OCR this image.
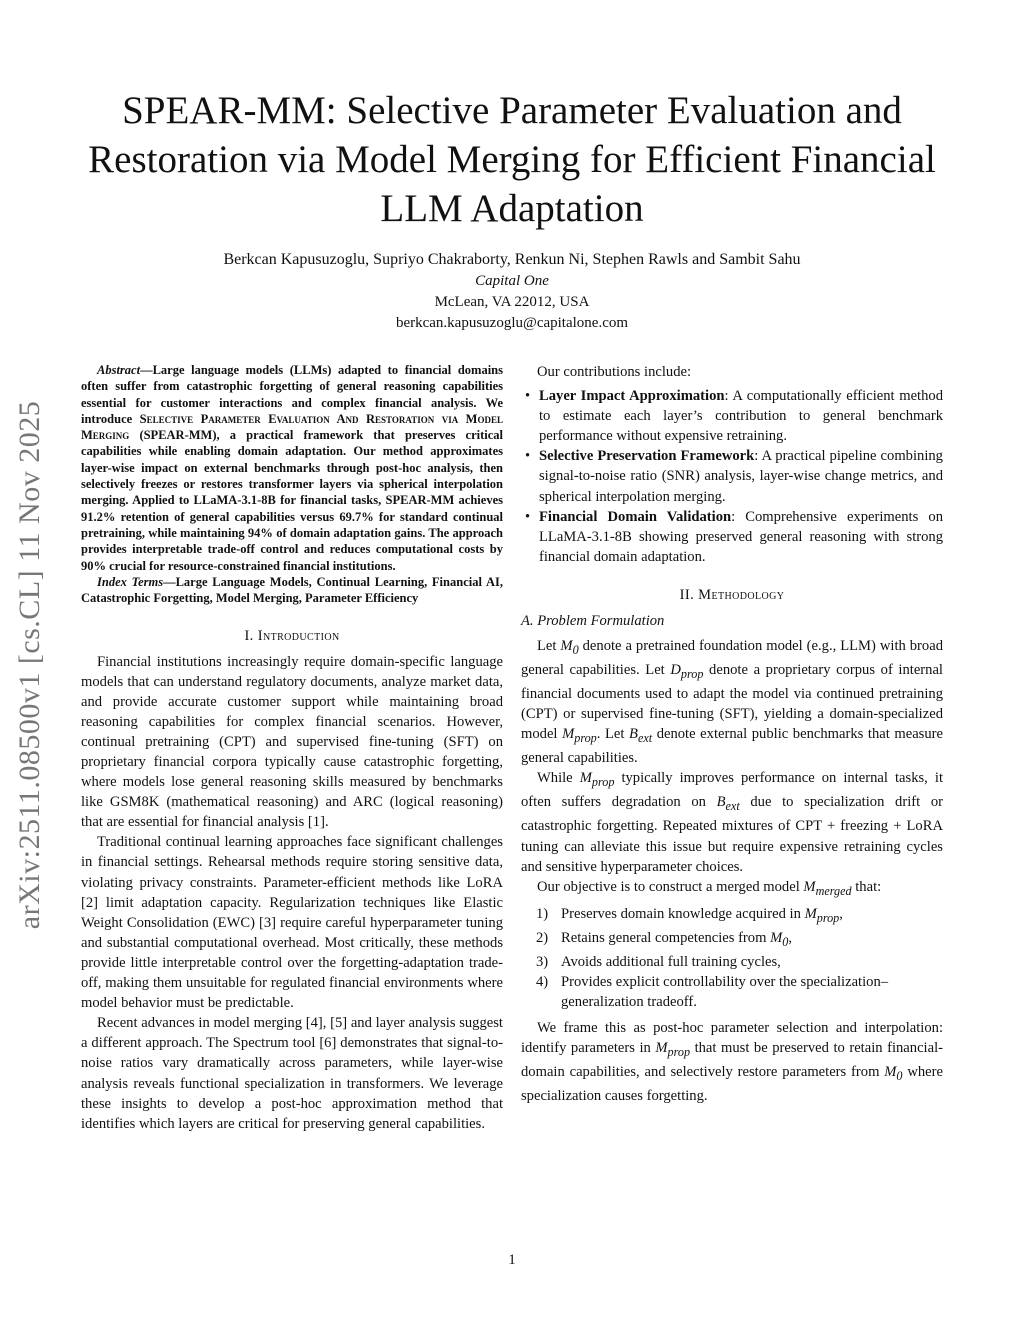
arXiv:2511.08500v1 [cs.CL] 11 Nov 2025
SPEAR-MM: Selective Parameter Evaluation and Restoration via Model Merging for Efficient Financial LLM Adaptation
Berkcan Kapusuzoglu, Supriyo Chakraborty, Renkun Ni, Stephen Rawls and Sambit Sahu
Capital One
McLean, VA 22012, USA
berkcan.kapusuzoglu@capitalone.com

Abstract—Large language models (LLMs) adapted to financial domains often suffer from catastrophic forgetting of general reasoning capabilities essential for customer interactions and complex financial analysis. We introduce Selective Parameter Evaluation And Restoration via Model Merging (SPEAR-MM), a practical framework that preserves critical capabilities while enabling domain adaptation. Our method approximates layer-wise impact on external benchmarks through post-hoc analysis, then selectively freezes or restores transformer layers via spherical interpolation merging. Applied to LLaMA-3.1-8B for financial tasks, SPEAR-MM achieves 91.2% retention of general capabilities versus 69.7% for standard continual pretraining, while maintaining 94% of domain adaptation gains. The approach provides interpretable trade-off control and reduces computational costs by 90% crucial for resource-constrained financial institutions.

Index Terms—Large Language Models, Continual Learning, Financial AI, Catastrophic Forgetting, Model Merging, Parameter Efficiency

I. Introduction

Financial institutions increasingly require domain-specific language models that can understand regulatory documents, analyze market data, and provide accurate customer support while maintaining broad reasoning capabilities for complex financial scenarios. However, continual pretraining (CPT) and supervised fine-tuning (SFT) on proprietary financial corpora typically cause catastrophic forgetting, where models lose general reasoning skills measured by benchmarks like GSM8K (mathematical reasoning) and ARC (logical reasoning) that are essential for financial analysis [1].

Traditional continual learning approaches face significant challenges in financial settings. Rehearsal methods require storing sensitive data, violating privacy constraints. Parameter-efficient methods like LoRA [2] limit adaptation capacity. Regularization techniques like Elastic Weight Consolidation (EWC) [3] require careful hyperparameter tuning and substantial computational overhead. Most critically, these methods provide little interpretable control over the forgetting-adaptation trade-off, making them unsuitable for regulated financial environments where model behavior must be predictable.

Recent advances in model merging [4], [5] and layer analysis suggest a different approach. The Spectrum tool [6] demonstrates that signal-to-noise ratios vary dramatically across parameters, while layer-wise analysis reveals functional specialization in transformers. We leverage these insights to develop a post-hoc approximation method that identifies which layers are critical for preserving general capabilities.

Our contributions include:

• Layer Impact Approximation: A computationally efficient method to estimate each layer’s contribution to general benchmark performance without expensive retraining.
• Selective Preservation Framework: A practical pipeline combining signal-to-noise ratio (SNR) analysis, layer-wise change metrics, and spherical interpolation merging.
• Financial Domain Validation: Comprehensive experiments on LLaMA-3.1-8B showing preserved general reasoning with strong financial domain adaptation.
II. Methodology

A. Problem Formulation

Let $M_0$ denote a pretrained foundation model (e.g., LLM) with broad general capabilities. Let $D_{prop}$ denote a proprietary corpus of internal financial documents used to adapt the model via continued pretraining (CPT) or supervised fine-tuning (SFT), yielding a domain-specialized model $M_{prop}$. Let $B_{ext}$ denote external public benchmarks that measure general capabilities.

While $M_{prop}$ typically improves performance on internal tasks, it often suffers degradation on $B_{ext}$ due to specialization drift or catastrophic forgetting. Repeated mixtures of CPT + freezing + LoRA tuning can alleviate this issue but require expensive retraining cycles and sensitive hyperparameter choices.

Our objective is to construct a merged model $M_{merged}$ that:

1) Preserves domain knowledge acquired in $M_{prop}$,
2) Retains general competencies from $M_0$,
3) Avoids additional full training cycles,
4) Provides explicit controllability over the specialization–generalization tradeoff.

We frame this as post-hoc parameter selection and interpolation: identify parameters in $M_{prop}$ that must be preserved to retain financial-domain capabilities, and selectively restore parameters from $M_0$ where specialization causes forgetting.

1
